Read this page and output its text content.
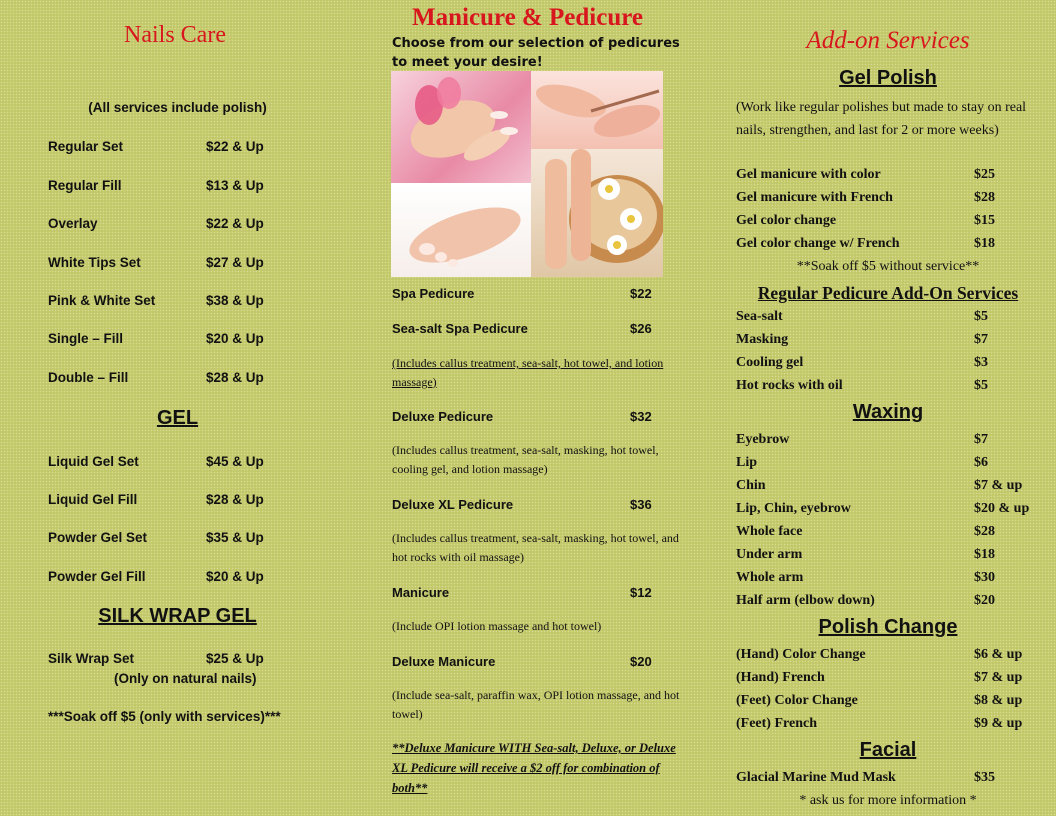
Nails Care
(All services include polish)
Regular Set	$22 & Up
Regular Fill	$13 & Up
Overlay	$22 & Up
White Tips Set	$27 & Up
Pink & White Set	$38 & Up
Single – Fill	$20 & Up
Double – Fill	$28 & Up
GEL
Liquid Gel Set	$45 & Up
Liquid Gel Fill	$28 & Up
Powder Gel Set	$35 & Up
Powder Gel Fill	$20 & Up
SILK WRAP GEL
Silk Wrap Set	$25 & Up
(Only on natural nails)
***Soak off $5 (only with services)***
Manicure & Pedicure
Choose from our selection of pedicures to meet your desire!
Spa Pedicure	$22
Sea-salt Spa Pedicure	$26
(Includes callus treatment, sea-salt, hot towel, and lotion massage)
Deluxe Pedicure	$32
(Includes callus treatment, sea-salt, masking, hot towel, cooling gel, and lotion massage)
Deluxe XL Pedicure	$36
(Includes callus treatment, sea-salt, masking, hot towel, and hot rocks with oil massage)
Manicure	$12
(Include OPI lotion massage and hot towel)
Deluxe Manicure	$20
(Include sea-salt, paraffin wax, OPI lotion massage, and hot towel)
**Deluxe Manicure WITH Sea-salt, Deluxe, or Deluxe XL Pedicure will receive a $2 off for combination of both**
Add-on Services
Gel Polish
(Work like regular polishes but made to stay on real nails, strengthen, and last for 2 or more weeks)
Gel manicure with color	$25
Gel manicure with French	$28
Gel color change	$15
Gel color change w/ French	$18
**Soak off $5 without service**
Regular Pedicure Add-On Services
Sea-salt	$5
Masking	$7
Cooling gel	$3
Hot rocks with oil	$5
Waxing
Eyebrow	$7
Lip	$6
Chin	$7 & up
Lip, Chin, eyebrow	$20 & up
Whole face	$28
Under arm	$18
Whole arm	$30
Half arm (elbow down)	$20
Polish Change
(Hand) Color Change	$6 & up
(Hand) French	$7 & up
(Feet) Color Change	$8 & up
(Feet) French	$9 & up
Facial
Glacial Marine Mud Mask	$35
* ask us for more information *
